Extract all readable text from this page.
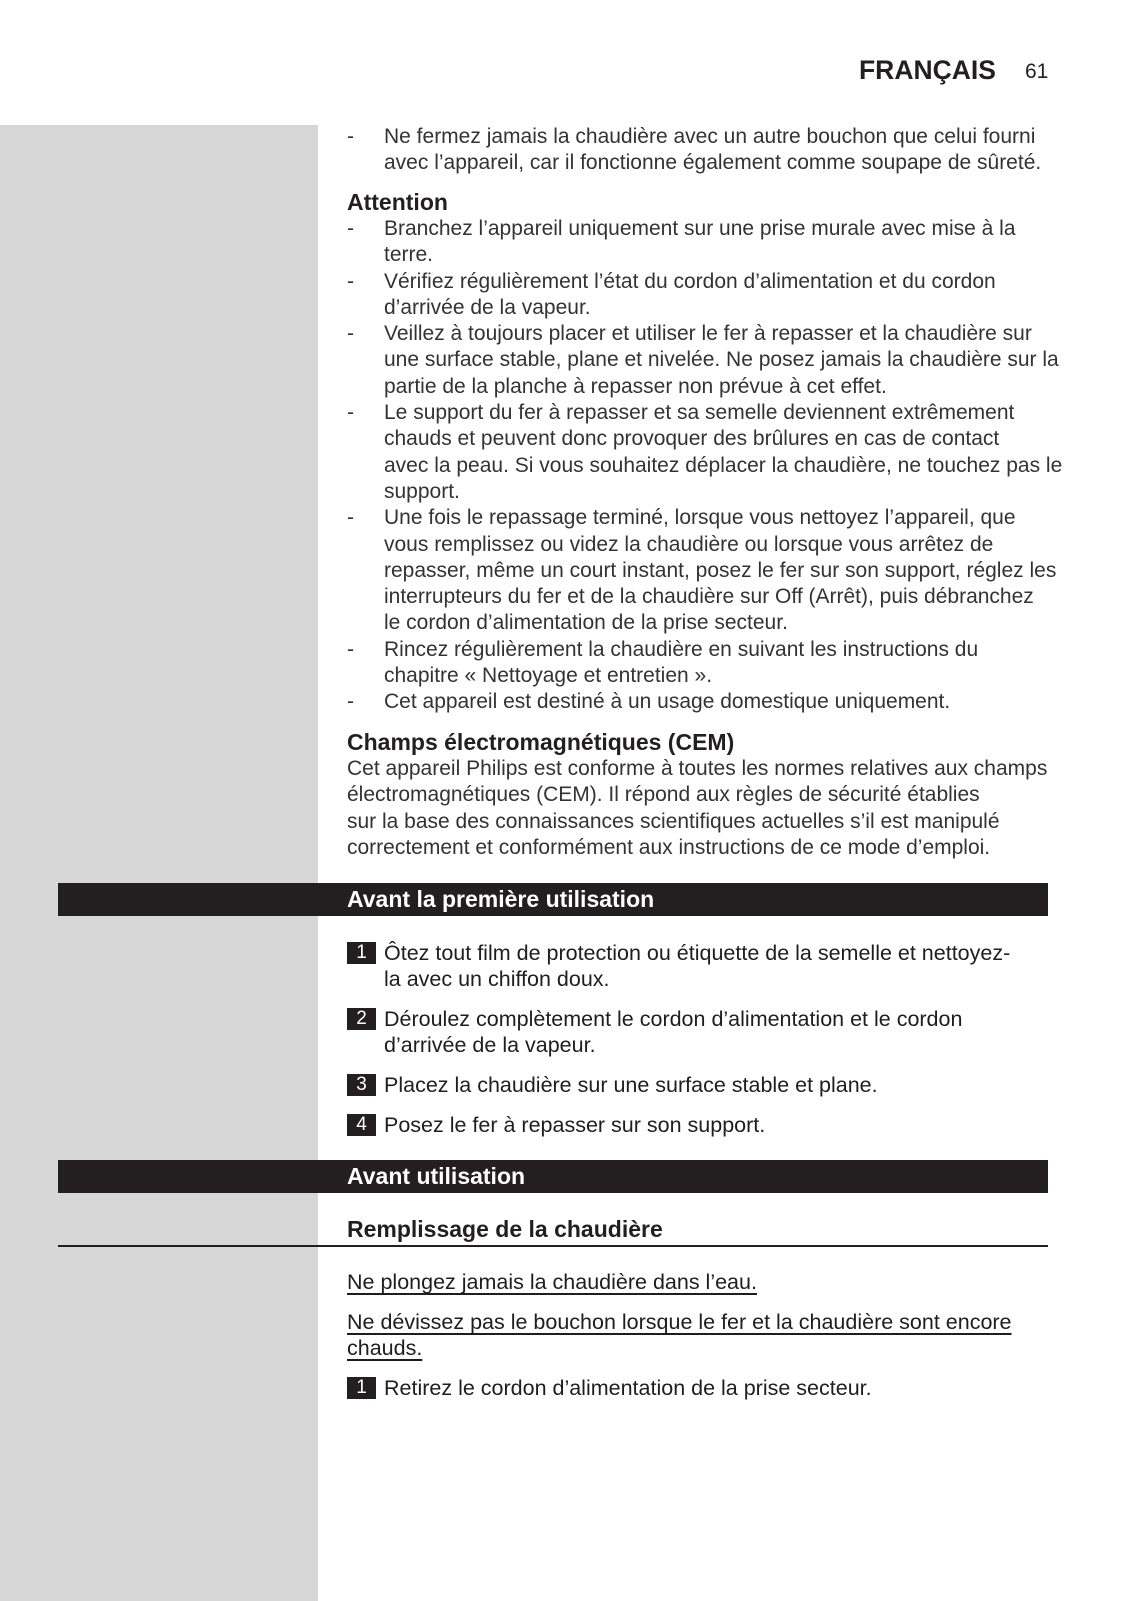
FRANÇAIS 61
- Ne fermez jamais la chaudière avec un autre bouchon que celui fourni
avec l’appareil, car il fonctionne également comme soupape de sûreté.
Attention
- Branchez l’appareil uniquement sur une prise murale avec mise à la
terre.
- Vérifiez régulièrement l’état du cordon d’alimentation et du cordon
d’arrivée de la vapeur.
- Veillez à toujours placer et utiliser le fer à repasser et la chaudière sur
une surface stable, plane et nivelée. Ne posez jamais la chaudière sur la
partie de la planche à repasser non prévue à cet effet.
- Le support du fer à repasser et sa semelle deviennent extrêmement
chauds et peuvent donc provoquer des brûlures en cas de contact
avec la peau. Si vous souhaitez déplacer la chaudière, ne touchez pas le
support.
- Une fois le repassage terminé, lorsque vous nettoyez l’appareil, que
vous remplissez ou videz la chaudière ou lorsque vous arrêtez de
repasser, même un court instant, posez le fer sur son support, réglez les
interrupteurs du fer et de la chaudière sur Off (Arrêt), puis débranchez
le cordon d’alimentation de la prise secteur.
- Rincez régulièrement la chaudière en suivant les instructions du
chapitre « Nettoyage et entretien ».
- Cet appareil est destiné à un usage domestique uniquement.
Champs électromagnétiques (CEM)
Cet appareil Philips est conforme à toutes les normes relatives aux champs
électromagnétiques (CEM). Il répond aux règles de sécurité établies
sur la base des connaissances scientifiques actuelles s’il est manipulé
correctement et conformément aux instructions de ce mode d’emploi.
Avant la première utilisation
1 Ôtez tout film de protection ou étiquette de la semelle et nettoyez-
la avec un chiffon doux.
2 Déroulez complètement le cordon d’alimentation et le cordon
d’arrivée de la vapeur.
3 Placez la chaudière sur une surface stable et plane.
4 Posez le fer à repasser sur son support.
Avant utilisation
Remplissage de la chaudière
Ne plongez jamais la chaudière dans l’eau.
Ne dévissez pas le bouchon lorsque le fer et la chaudière sont encore
chauds.
1 Retirez le cordon d’alimentation de la prise secteur.
